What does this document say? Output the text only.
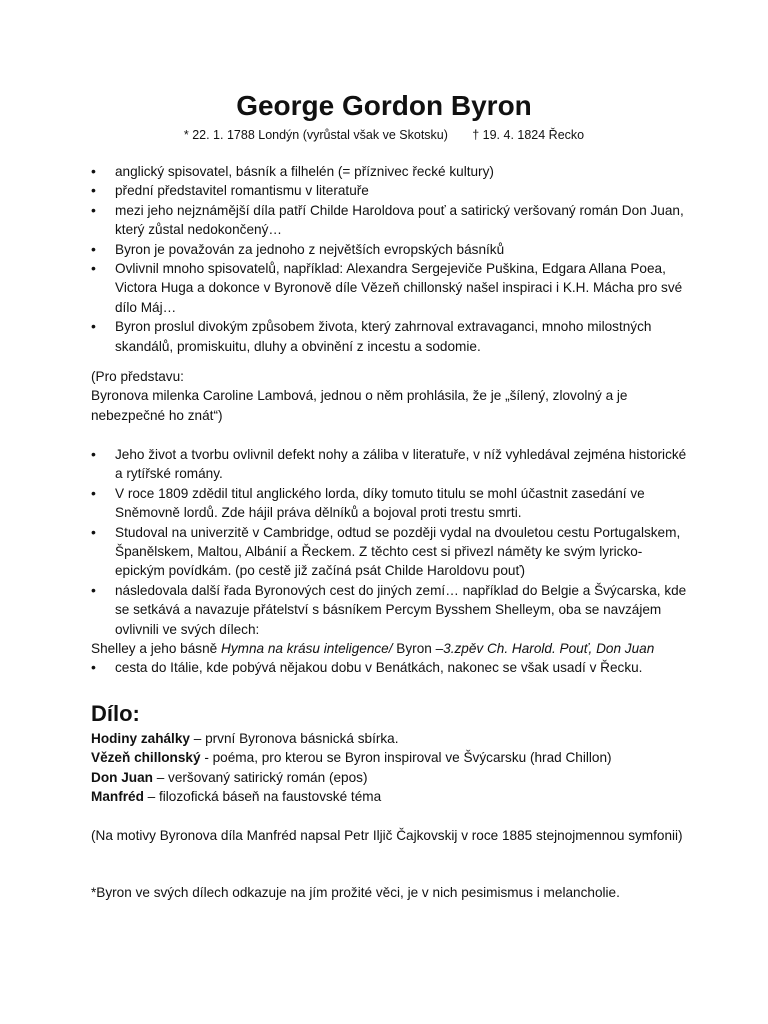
George Gordon Byron
* 22. 1. 1788 Londýn (vyrůstal však ve Skotsku)       † 19. 4. 1824 Řecko
• anglický spisovatel, básník a filhelén (= příznivec řecké kultury)
• přední představitel romantismu v literatuře
• mezi jeho nejznámější díla patří Childe Haroldova pouť a satirický veršovaný román Don Juan, který zůstal nedokončený…
• Byron je považován za jednoho z největších evropských básníků
• Ovlivnil mnoho spisovatelů, například: Alexandra Sergejeviče Puškina, Edgara Allana Poea, Victora Huga a dokonce v Byronově díle Vězeň chillonský našel inspiraci i K.H. Mácha pro své dílo Máj…
• Byron proslul divokým způsobem života, který zahrnoval extravaganci, mnoho milostných skandálů, promiskuitu, dluhy a obvinění z incestu a sodomie.

(Pro představu:

Byronova milenka Caroline Lambová, jednou o něm prohlásila, že je „šílený, zlovolný a je nebezpečné ho znát“)

• Jeho život a tvorbu ovlivnil defekt nohy a záliba v literatuře, v níž vyhledával zejména historické a rytířské romány.
• V roce 1809 zdědil titul anglického lorda, díky tomuto titulu se mohl účastnit zasedání ve Sněmovně lordů. Zde hájil práva dělníků a bojoval proti trestu smrti.
• Studoval na univerzitě v Cambridge, odtud se později vydal na dvouletou cestu Portugalskem, Španělskem, Maltou, Albánií a Řeckem. Z těchto cest si přivezl náměty ke svým lyricko-epickým povídkám. (po cestě již začíná psát Childe Haroldovu pouť)
• následovala další řada Byronových cest do jiných zemí… například do Belgie a Švýcarska, kde se setkává a navazuje přátelství s básníkem Percym Bysshem Shelleym, oba se navzájem ovlivnili ve svých dílech:

Shelley a jeho básně Hymna na krásu inteligence/ Byron –3.zpěv Ch. Harold. Pouť, Don Juan

• cesta do Itálie, kde pobývá nějakou dobu v Benátkách, nakonec se však usadí v Řecku.
Dílo:

Hodiny zahálky – první Byronova básnická sbírka.

Vězeň chillonský - poéma, pro kterou se Byron inspiroval ve Švýcarsku (hrad Chillon)

Don Juan – veršovaný satirický román (epos)

Manfréd – filozofická báseň na faustovské téma

(Na motivy Byronova díla Manfréd napsal Petr Iljič Čajkovskij v roce 1885 stejnojmennou symfonii)

*Byron ve svých dílech odkazuje na jím prožité věci, je v nich pesimismus i melancholie.
